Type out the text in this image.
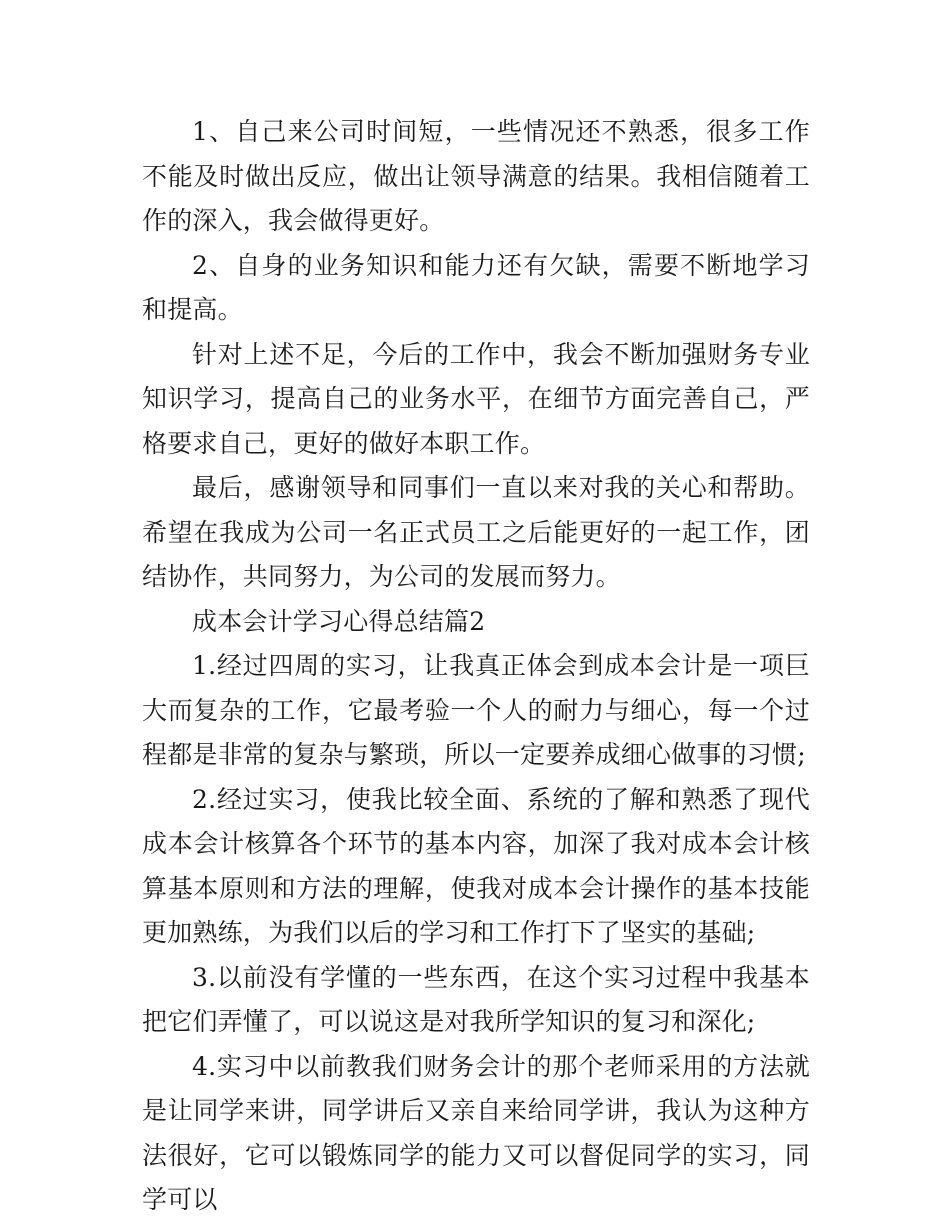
1、自己来公司时间短，一些情况还不熟悉，很多工作不能及时做出反应，做出让领导满意的结果。我相信随着工作的深入，我会做得更好。

2、自身的业务知识和能力还有欠缺，需要不断地学习和提高。

针对上述不足，今后的工作中，我会不断加强财务专业知识学习，提高自己的业务水平，在细节方面完善自己，严格要求自己，更好的做好本职工作。

最后，感谢领导和同事们一直以来对我的关心和帮助。希望在我成为公司一名正式员工之后能更好的一起工作，团结协作，共同努力，为公司的发展而努力。

成本会计学习心得总结篇2

1.经过四周的实习，让我真正体会到成本会计是一项巨大而复杂的工作，它最考验一个人的耐力与细心，每一个过程都是非常的复杂与繁琐，所以一定要养成细心做事的习惯;

2.经过实习，使我比较全面、系统的了解和熟悉了现代成本会计核算各个环节的基本内容，加深了我对成本会计核算基本原则和方法的理解，使我对成本会计操作的基本技能更加熟练，为我们以后的学习和工作打下了坚实的基础;

3.以前没有学懂的一些东西，在这个实习过程中我基本把它们弄懂了，可以说这是对我所学知识的复习和深化;

4.实习中以前教我们财务会计的那个老师采用的方法就是让同学来讲，同学讲后又亲自来给同学讲，我认为这种方法很好，它可以锻炼同学的能力又可以督促同学的实习，同学可以
